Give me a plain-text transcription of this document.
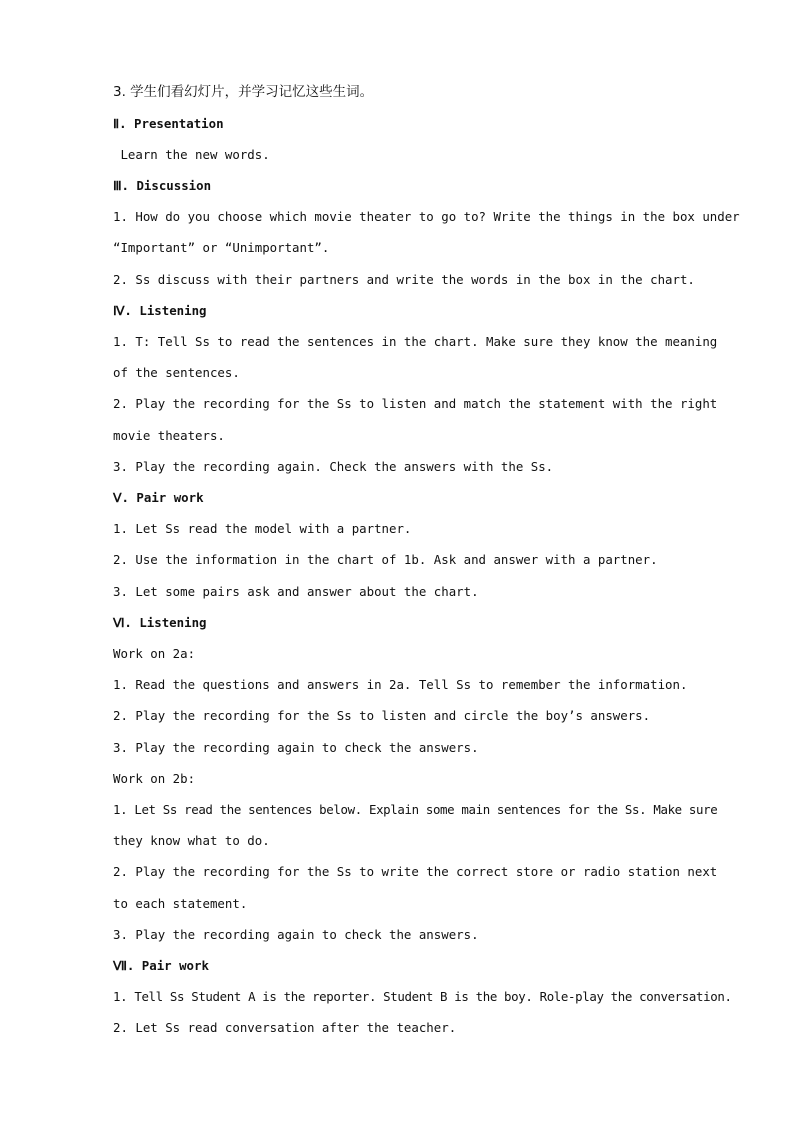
3. 学生们看幻灯片，并学习记忆这些生词。
Ⅱ. Presentation
Learn the new words.
Ⅲ. Discussion
1. How do you choose which movie theater to go to? Write the things in the box under
“Important” or “Unimportant”.
2. Ss discuss with their partners and write the words in the box in the chart.
Ⅳ. Listening
1. T: Tell Ss to read the sentences in the chart. Make sure they know the meaning
of the sentences.
2. Play the recording for the Ss to listen and match the statement with the right
movie theaters.
3. Play the recording again. Check the answers with the Ss.
Ⅴ. Pair work
1. Let Ss read the model with a partner.
2. Use the information in the chart of 1b. Ask and answer with a partner.
3. Let some pairs ask and answer about the chart.
Ⅵ. Listening
Work on 2a:
1. Read the questions and answers in 2a. Tell Ss to remember the information.
2. Play the recording for the Ss to listen and circle the boy’s answers.
3. Play the recording again to check the answers.
Work on 2b:
1. Let Ss read the sentences below. Explain some main sentences for the Ss. Make sure
they know what to do.
2. Play the recording for the Ss to write the correct store or radio station next
to each statement.
3. Play the recording again to check the answers.
Ⅶ. Pair work
1. Tell Ss Student A is the reporter. Student B is the boy. Role-play the conversation.
2. Let Ss read conversation after the teacher.
